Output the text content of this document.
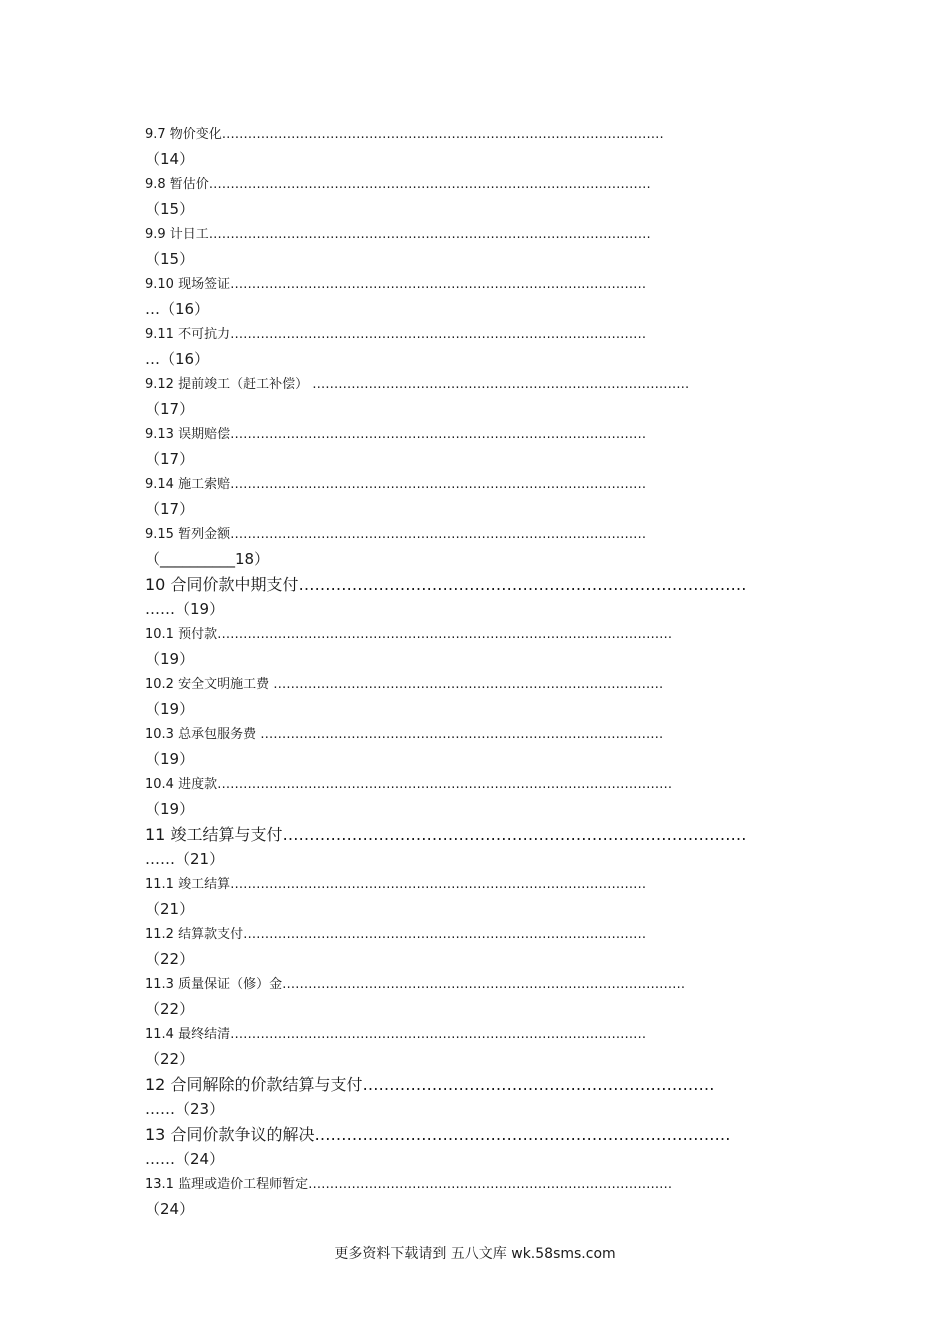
9.7 物价变化…………………………………………………………………………………………
（14）
9.8 暂估价…………………………………………………………………………………………
（15）
9.9 计日工…………………………………………………………………………………………
（15）
9.10 现场签证……………………………………………………………………………………
…（16）
9.11 不可抗力……………………………………………………………………………………
…（16）
9.12 提前竣工（赶工补偿） ……………………………………………………………………………
（17）
9.13 误期赔偿……………………………………………………………………………………
（17）
9.14 施工索赔……………………………………………………………………………………
（17）
9.15 暂列金额……………………………………………………………………………………
（__________18）
10 合同价款中期支付…………………………………………………………………………
……（19）
10.1 预付款……………………………………………………………………………………………
（19）
10.2 安全文明施工费 ………………………………………………………………………………
（19）
10.3 总承包服务费 …………………………………………………………………………………
（19）
10.4 进度款……………………………………………………………………………………………
（19）
11 竣工结算与支付……………………………………………………………………………
……（21）
11.1 竣工结算……………………………………………………………………………………
（21）
11.2 结算款支付…………………………………………………………………………………
（22）
11.3 质量保证（修）金…………………………………………………………………………………
（22）
11.4 最终结清……………………………………………………………………………………
（22）
12 合同解除的价款结算与支付…………………………………………………………
……（23）
13 合同价款争议的解决……………………………………………………………………
……（24）
13.1 监理或造价工程师暂定…………………………………………………………………………
（24）
更多资料下载请到 五八文库 wk.58sms.com
